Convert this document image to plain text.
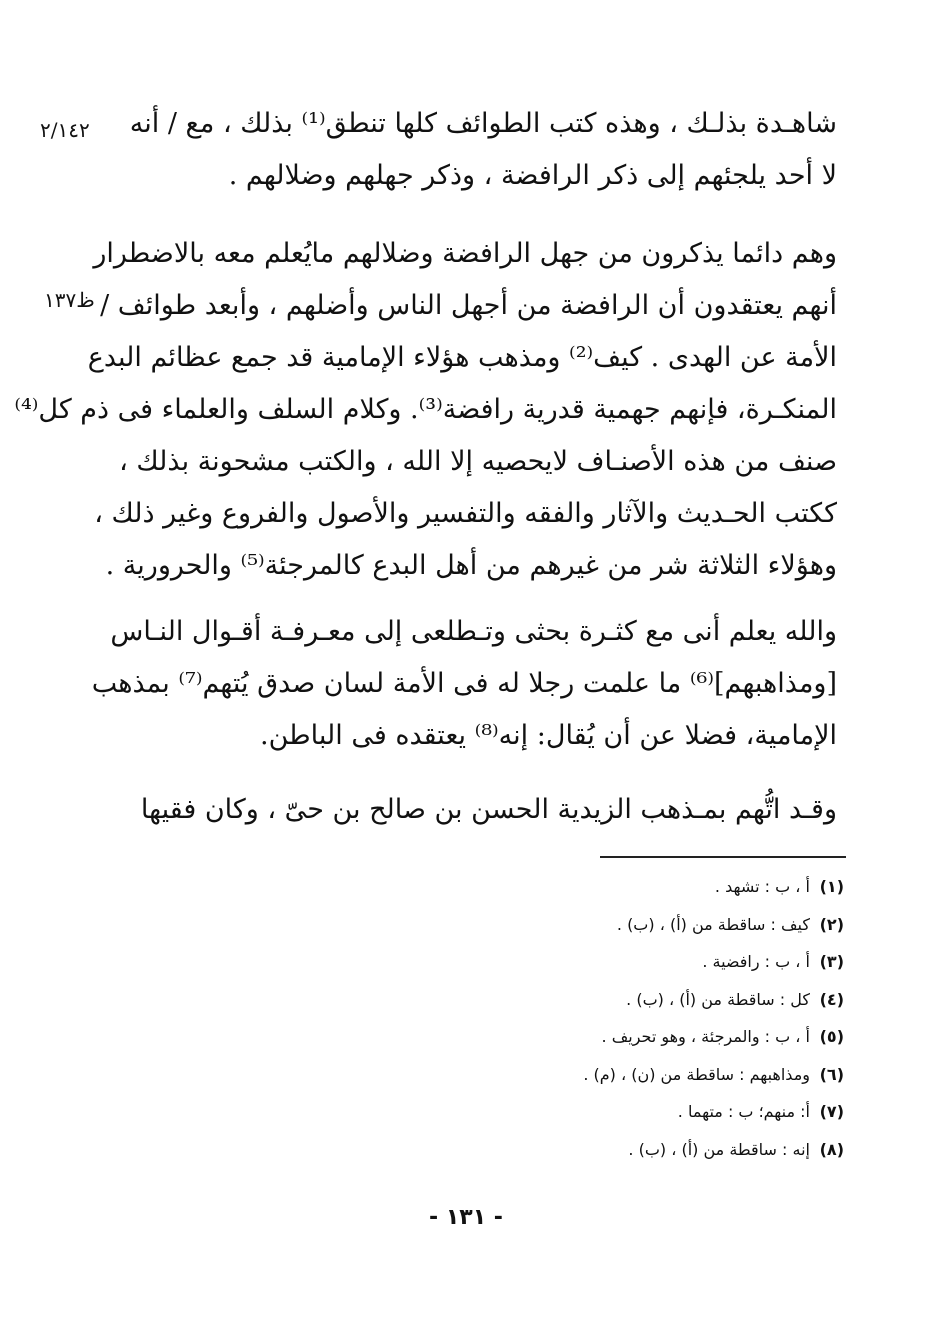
٢/١٤٢
ظ١٣٧
شاهـدة بذلـك ، وهذه كتب الطوائف كلها تنطق⁽¹⁾ بذلك ، مع / أنه
لا أحد يلجئهم إلى ذكر الرافضة ، وذكر جهلهم وضلالهم .
وهم دائما يذكرون من جهل الرافضة وضلالهم مايُعلم معه بالاضطرار
أنهم يعتقدون أن الرافضة من أجهل الناس وأضلهم ، وأبعد طوائف /
الأمة عن الهدى . كيف⁽²⁾ ومذهب هؤلاء الإمامية قد جمع عظائم البدع
المنكـرة، فإنهم جهمية قدرية رافضة⁽³⁾. وكلام السلف والعلماء فى ذم كل⁽⁴⁾
صنف من هذه الأصنـاف لايحصيه إلا الله ، والكتب مشحونة بذلك ،
ككتب الحـديث والآثار والفقه والتفسير والأصول والفروع وغير ذلك ،
وهؤلاء الثلاثة شر من غيرهم من أهل البدع كالمرجئة⁽⁵⁾ والحرورية .
والله يعلم أنى مع كثـرة بحثى وتـطلعى إلى معـرفـة أقـوال النـاس
[ومذاهبهم]⁽⁶⁾ ما علمت رجلا له فى الأمة لسان صدق يُتهم⁽⁷⁾ بمذهب
الإمامية، فضلا عن أن يُقال: إنه⁽⁸⁾ يعتقده فى الباطن.
وقـد اتُّهم بمـذهب الزيدية الحسن بن صالح بن حىّ ، وكان فقيها
(١)أ ، ب : تشهد .
(٢)كيف : ساقطة من (أ) ، (ب) .
(٣)أ ، ب : رافضية .
(٤)كل : ساقطة من (أ) ، (ب) .
(٥)أ ، ب : والمرجئة ، وهو تحريف .
(٦)ومذاهبهم : ساقطة من (ن) ، (م) .
(٧)أ: منهم؛ ب : متهما .
(٨)إنه : ساقطة من (أ) ، (ب) .
- ١٣١ -
